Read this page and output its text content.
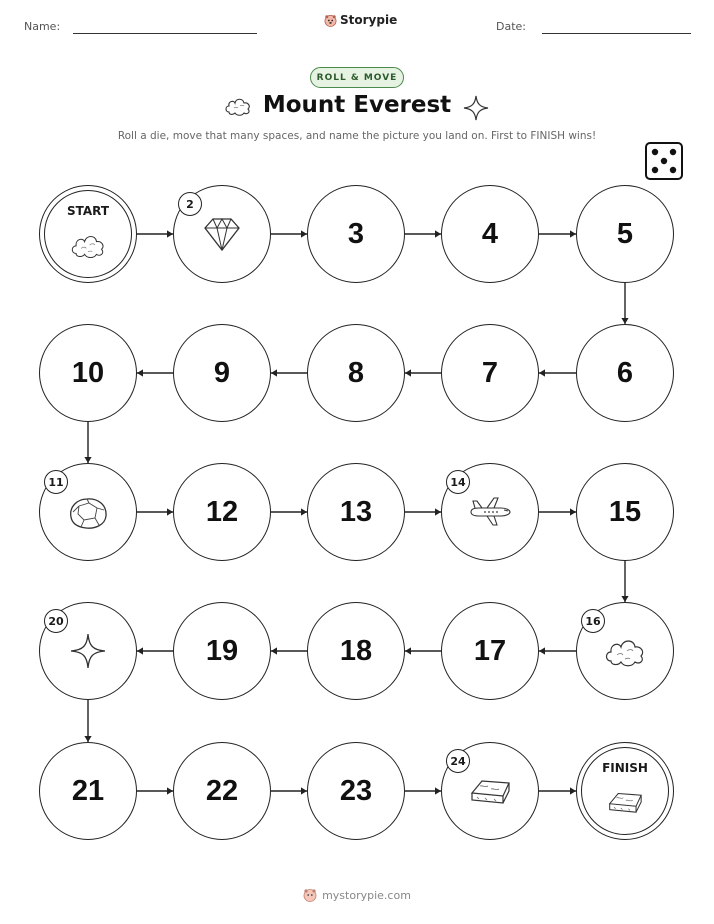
Name:	Storypie	Date:
ROLL & MOVE
Mount Everest
Roll a die, move that many spaces, and name the picture you land on. First to FINISH wins!
START	2
3	4	5
6
7
8
9
10
11
12	13
14
15
16
17
18
19
20
21	22	23
24	FINISH
mystorypie.com
